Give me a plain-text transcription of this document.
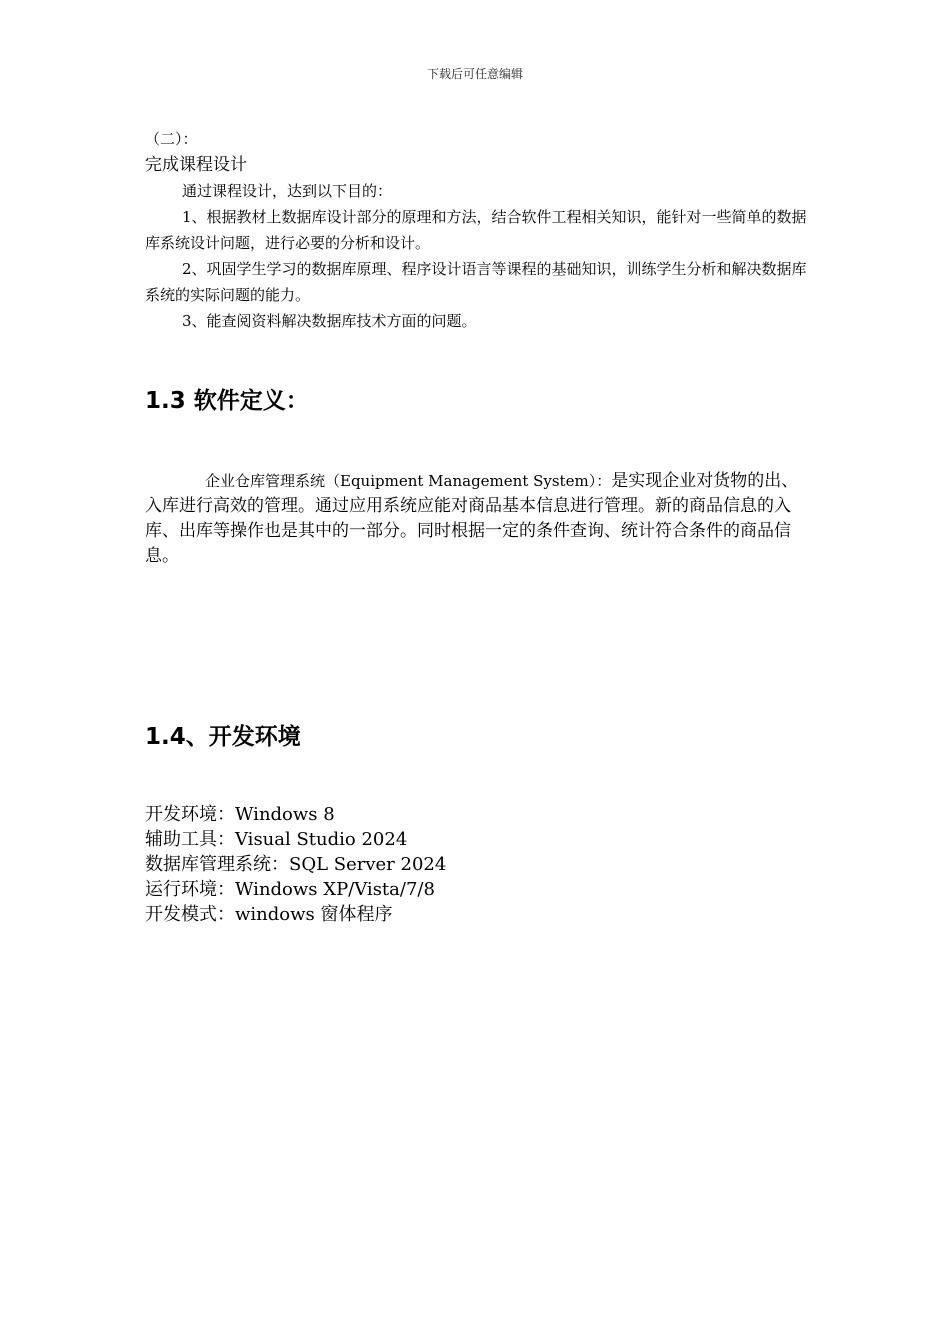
下载后可任意编辑

（二）：

完成课程设计

通过课程设计，达到以下目的：

1、根据教材上数据库设计部分的原理和方法，结合软件工程相关知识，能针对一些简单的数据库系统设计问题，进行必要的分析和设计。

2、巩固学生学习的数据库原理、程序设计语言等课程的基础知识，训练学生分析和解决数据库系统的实际问题的能力。

3、能查阅资料解决数据库技术方面的问题。

1.3 软件定义：

企业仓库管理系统（Equipment Management System）：是实现企业对货物的出、入库进行高效的管理。通过应用系统应能对商品基本信息进行管理。新的商品信息的入库、出库等操作也是其中的一部分。同时根据一定的条件查询、统计符合条件的商品信息。

1.4、开发环境

开发环境：Windows 8

辅助工具：Visual Studio 2024

数据库管理系统：SQL Server 2024

运行环境：Windows XP/Vista/7/8

开发模式：windows 窗体程序
